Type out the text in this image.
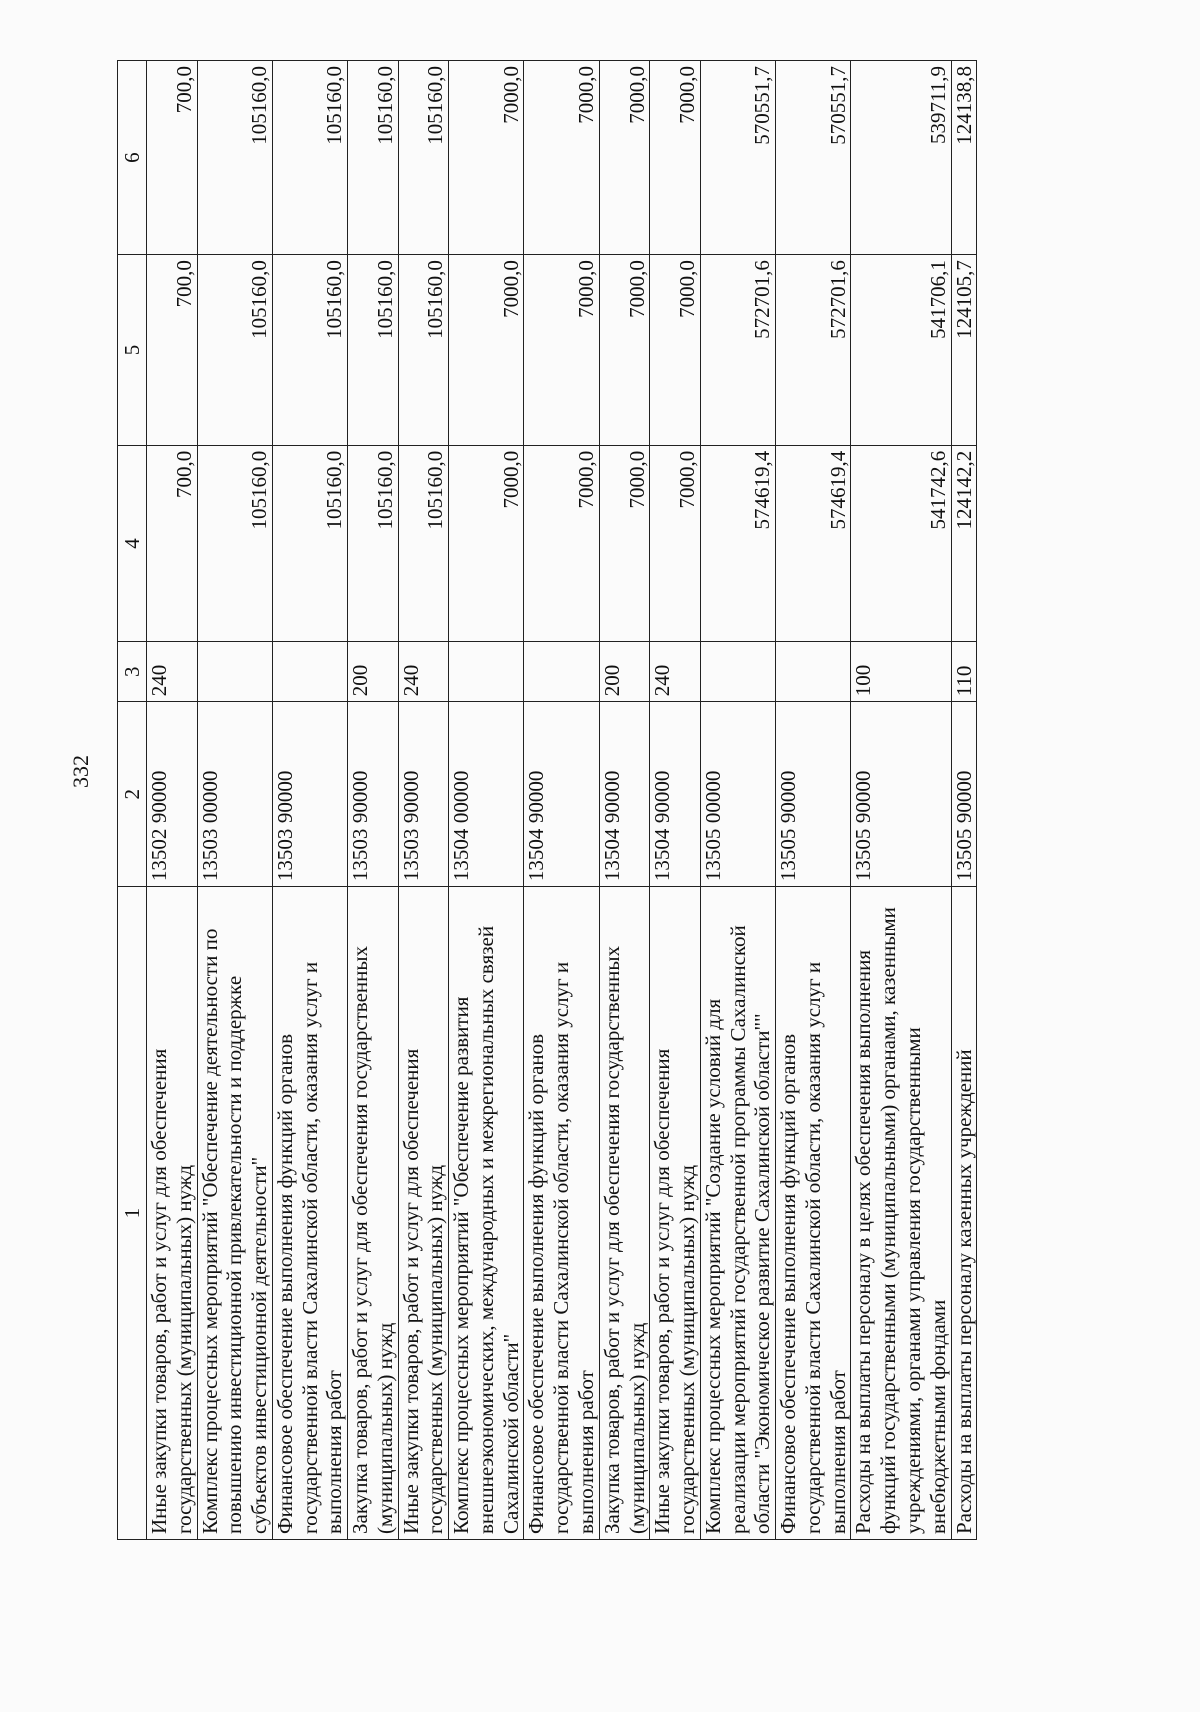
332
1	2	3	4	5	6
Иные закупки товаров, работ и услуг для обеспечения государственных (муниципальных) нужд	1350290000	240	700,0	700,0	700,0
Комплекс процессных мероприятий "Обеспечение деятельности по повышению инвестиционной привлекательности и поддержке субъектов инвестиционной деятельности"	1350300000		105160,0	105160,0	105160,0
Финансовое обеспечение выполнения функций органов государственной власти Сахалинской области, оказания услуг и выполнения работ	1350390000		105160,0	105160,0	105160,0
Закупка товаров, работ и услуг для обеспечения государственных (муниципальных) нужд	1350390000	200	105160,0	105160,0	105160,0
Иные закупки товаров, работ и услуг для обеспечения государственных (муниципальных) нужд	1350390000	240	105160,0	105160,0	105160,0
Комплекс процессных мероприятий "Обеспечение развития внешнеэкономических, международных и межрегиональных связей Сахалинской области"	1350400000		7000,0	7000,0	7000,0
Финансовое обеспечение выполнения функций органов государственной власти Сахалинской области, оказания услуг и выполнения работ	1350490000		7000,0	7000,0	7000,0
Закупка товаров, работ и услуг для обеспечения государственных (муниципальных) нужд	1350490000	200	7000,0	7000,0	7000,0
Иные закупки товаров, работ и услуг для обеспечения государственных (муниципальных) нужд	1350490000	240	7000,0	7000,0	7000,0
Комплекс процессных мероприятий "Создание условий для реализации мероприятий государственной программы Сахалинской области "Экономическое развитие Сахалинской области""	1350500000		574619,4	572701,6	570551,7
Финансовое обеспечение выполнения функций органов государственной власти Сахалинской области, оказания услуг и выполнения работ	1350590000		574619,4	572701,6	570551,7
Расходы на выплаты персоналу в целях обеспечения выполнения функций государственными (муниципальными) органами, казенными учреждениями, органами управления государственными внебюджетными фондами	1350590000	100	541742,6	541706,1	539711,9
Расходы на выплаты персоналу казенных учреждений	1350590000	110	124142,2	124105,7	124138,8
